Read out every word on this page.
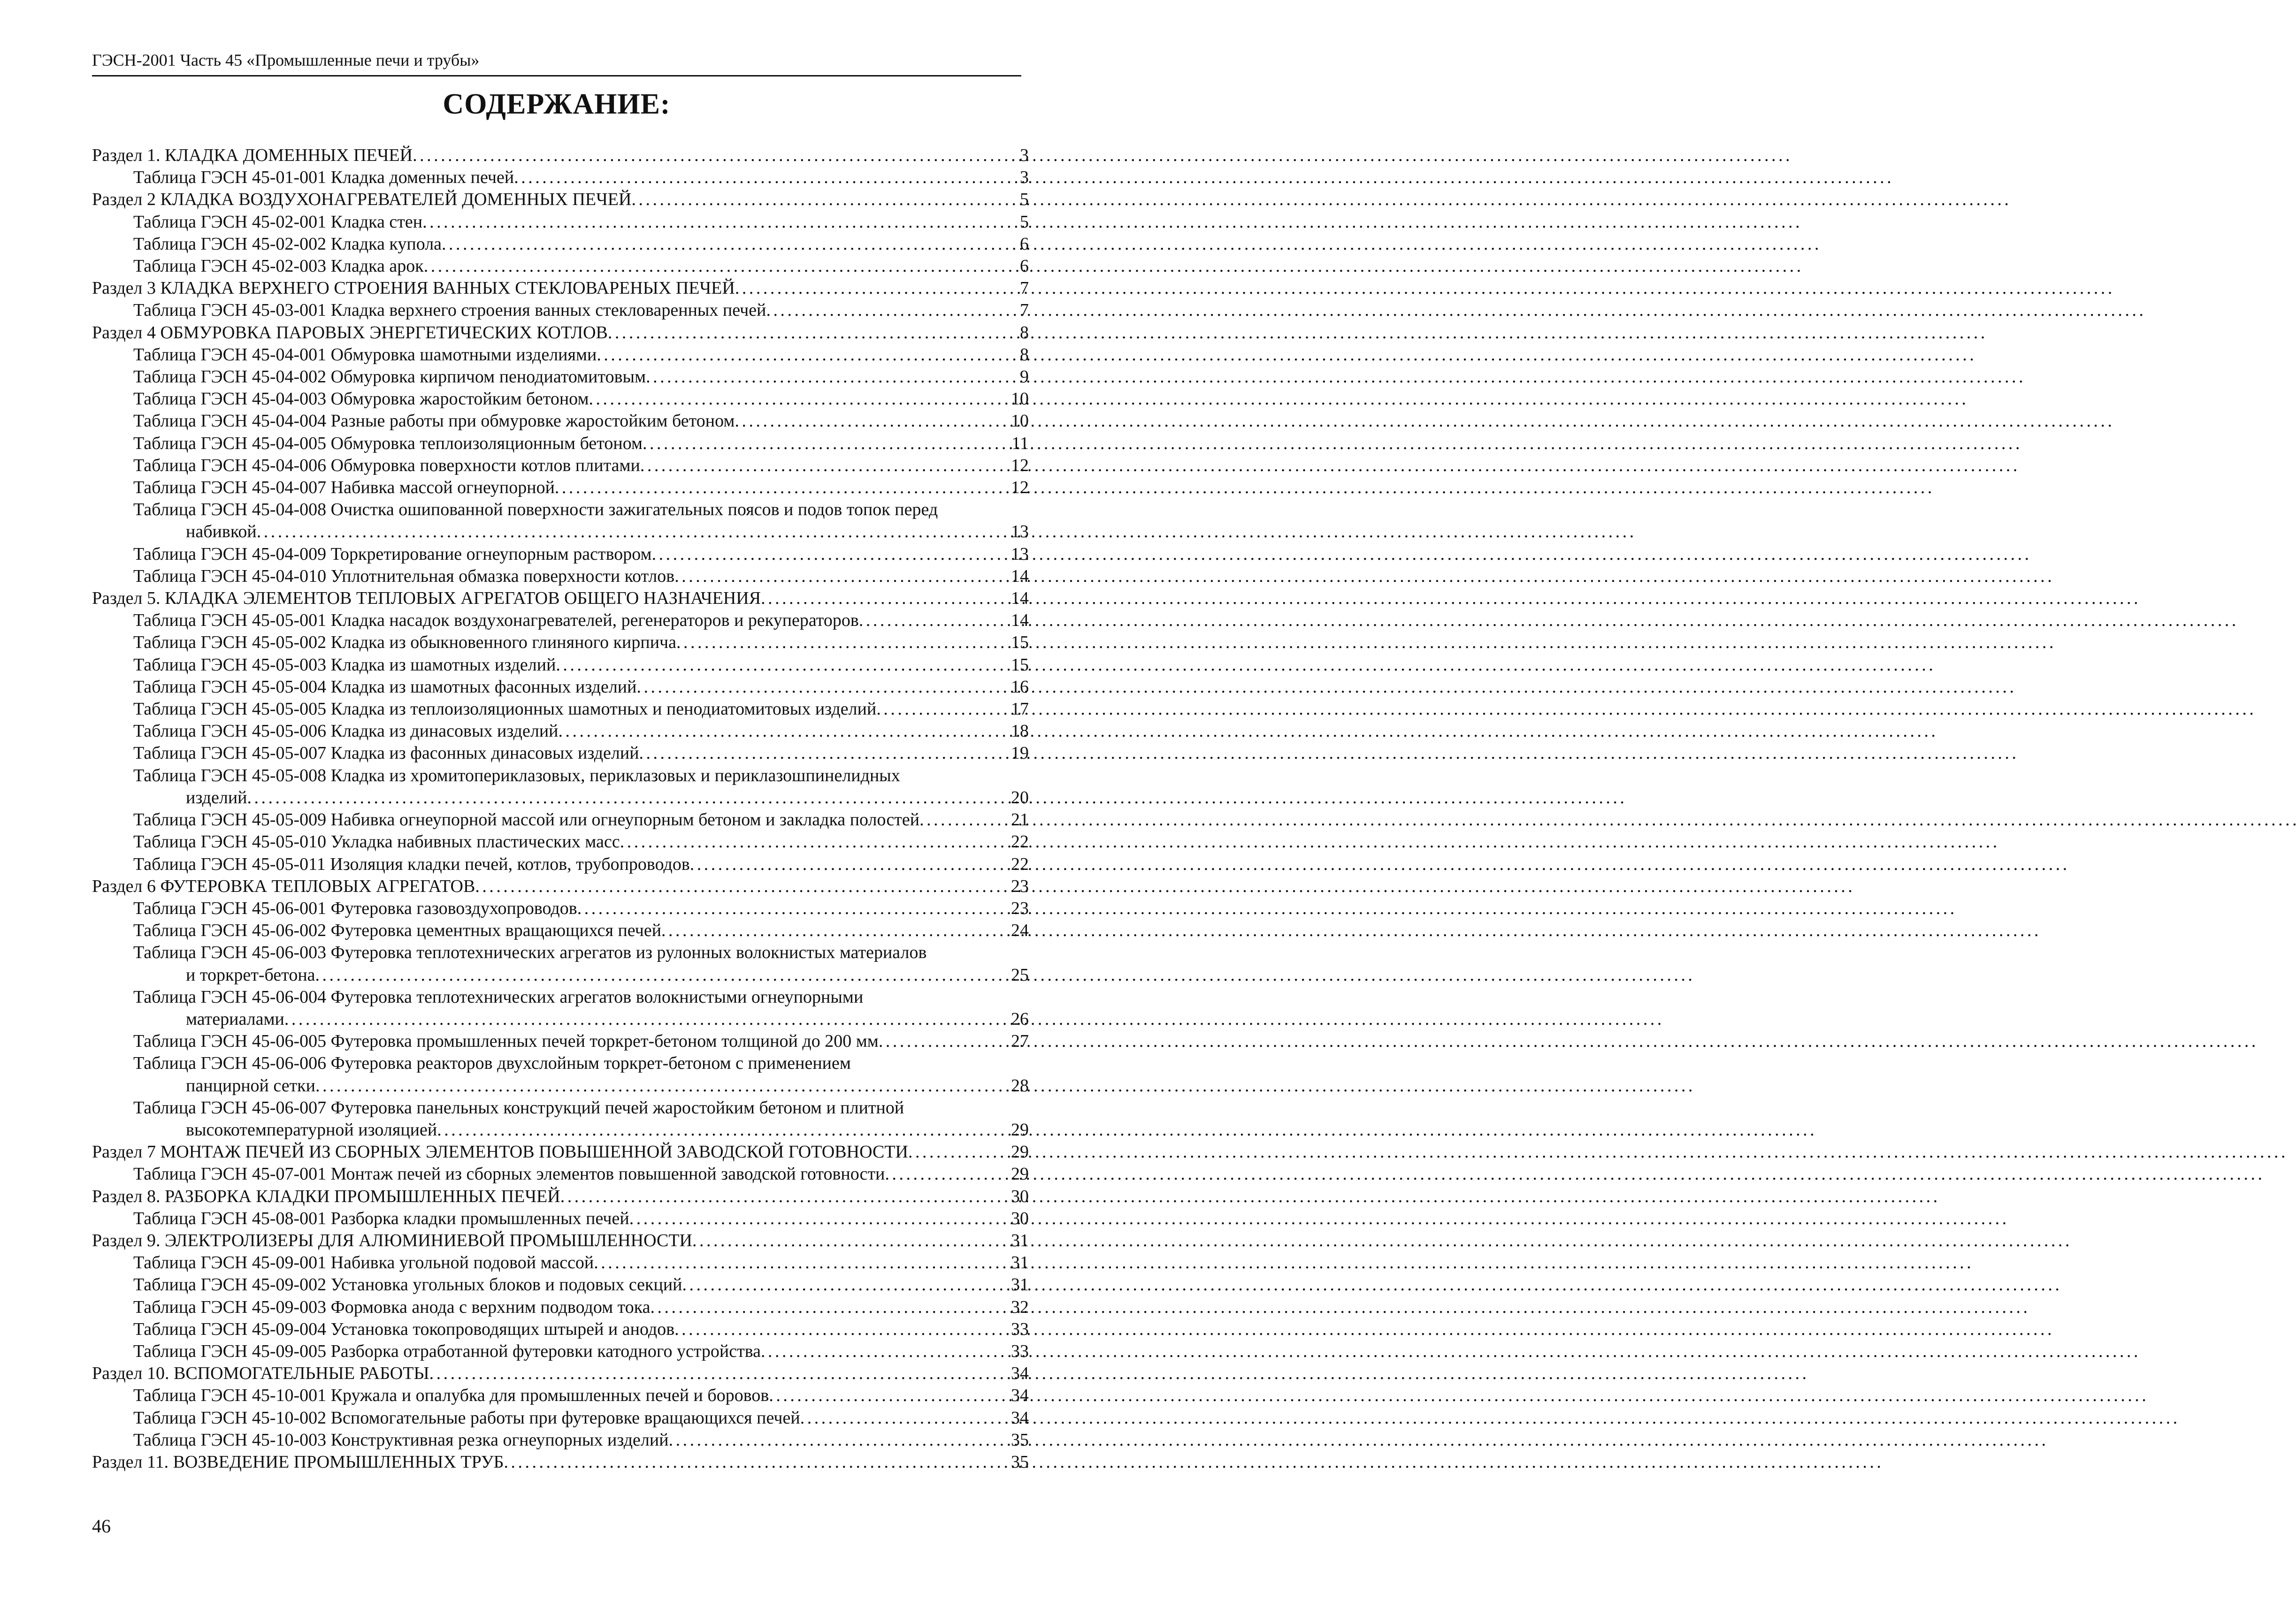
ГЭСН-2001 Часть 45 «Промышленные печи и трубы»
СОДЕРЖАНИЕ:
Раздел 1. КЛАДКА ДОМЕННЫХ ПЕЧЕЙ . . .	3
Таблица ГЭСН 45-01-001 Кладка доменных печей . . .	3
Раздел 2 КЛАДКА ВОЗДУХОНАГРЕВАТЕЛЕЙ ДОМЕННЫХ ПЕЧЕЙ . . .	5
Таблица ГЭСН 45-02-001 Кладка стен . . .	5
Таблица ГЭСН 45-02-002 Кладка купола . . .	6
Таблица ГЭСН 45-02-003 Кладка арок . . .	6
Раздел 3 КЛАДКА ВЕРХНЕГО СТРОЕНИЯ ВАННЫХ СТЕКЛОВАРЕНЫХ ПЕЧЕЙ . . .	7
Таблица ГЭСН 45-03-001 Кладка верхнего строения ванных стекловаренных печей . . .	7
Раздел 4 ОБМУРОВКА ПАРОВЫХ ЭНЕРГЕТИЧЕСКИХ КОТЛОВ . . .	8
Таблица ГЭСН 45-04-001 Обмуровка шамотными изделиями . . .	8
Таблица ГЭСН 45-04-002 Обмуровка кирпичом пенодиатомитовым . . .	9
Таблица ГЭСН 45-04-003 Обмуровка жаростойким бетоном . . .	10
Таблица ГЭСН 45-04-004 Разные работы при обмуровке жаростойким бетоном . . .	10
Таблица ГЭСН 45-04-005 Обмуровка теплоизоляционным бетоном . . .	11
Таблица ГЭСН 45-04-006 Обмуровка поверхности котлов плитами . . .	12
Таблица ГЭСН 45-04-007 Набивка массой огнеупорной . . .	12
Таблица ГЭСН 45-04-008 Очистка ошипованной поверхности зажигательных поясов и подов топок перед
набивкой . . .	13
Таблица ГЭСН 45-04-009 Торкретирование огнеупорным раствором . . .	13
Таблица ГЭСН 45-04-010 Уплотнительная обмазка поверхности котлов . . .	14
Раздел 5. КЛАДКА ЭЛЕМЕНТОВ ТЕПЛОВЫХ АГРЕГАТОВ ОБЩЕГО НАЗНАЧЕНИЯ . . .	14
Таблица ГЭСН 45-05-001 Кладка насадок воздухонагревателей, регенераторов и рекуператоров . . .	14
Таблица ГЭСН 45-05-002 Кладка из обыкновенного глиняного кирпича . . .	15
Таблица ГЭСН 45-05-003 Кладка из шамотных изделий . . .	15
Таблица ГЭСН 45-05-004 Кладка из шамотных фасонных изделий . . .	16
Таблица ГЭСН 45-05-005 Кладка из теплоизоляционных шамотных и пенодиатомитовых изделий . . .	17
Таблица ГЭСН 45-05-006 Кладка из динасовых изделий . . .	18
Таблица ГЭСН 45-05-007 Кладка из фасонных динасовых изделий . . .	19
Таблица ГЭСН 45-05-008 Кладка из хромитопериклазовых, периклазовых и периклазошпинелидных
изделий . . .	20
Таблица ГЭСН 45-05-009 Набивка огнеупорной массой или огнеупорным бетоном и закладка полостей . . .	21
Таблица ГЭСН 45-05-010 Укладка набивных пластических масс . . .	22
Таблица ГЭСН 45-05-011 Изоляция кладки печей, котлов, трубопроводов . . .	22
Раздел 6 ФУТЕРОВКА ТЕПЛОВЫХ АГРЕГАТОВ . . .	23
Таблица ГЭСН 45-06-001 Футеровка газовоздухопроводов . . .	23
Таблица ГЭСН 45-06-002 Футеровка цементных вращающихся печей . . .	24
Таблица ГЭСН 45-06-003 Футеровка теплотехнических агрегатов из рулонных волокнистых материалов
и торкрет-бетона . . .	25
Таблица ГЭСН 45-06-004 Футеровка теплотехнических агрегатов волокнистыми огнеупорными
материалами . . .	26
Таблица ГЭСН 45-06-005 Футеровка промышленных печей торкрет-бетоном толщиной до 200 мм . . .	27
Таблица ГЭСН 45-06-006 Футеровка реакторов двухслойным торкрет-бетоном с применением
панцирной сетки . . .	28
Таблица ГЭСН 45-06-007 Футеровка панельных конструкций печей жаростойким бетоном и плитной
высокотемпературной изоляцией . . .	29
Раздел 7 МОНТАЖ ПЕЧЕЙ ИЗ СБОРНЫХ ЭЛЕМЕНТОВ ПОВЫШЕННОЙ ЗАВОДСКОЙ ГОТОВНОСТИ . . .	29
Таблица ГЭСН 45-07-001 Монтаж печей из сборных элементов повышенной заводской готовности . . .	29
Раздел 8. РАЗБОРКА КЛАДКИ ПРОМЫШЛЕННЫХ ПЕЧЕЙ . . .	30
Таблица ГЭСН 45-08-001 Разборка кладки промышленных печей . . .	30
Раздел 9. ЭЛЕКТРОЛИЗЕРЫ ДЛЯ АЛЮМИНИЕВОЙ ПРОМЫШЛЕННОСТИ . . .	31
Таблица ГЭСН 45-09-001 Набивка угольной подовой массой . . .	31
Таблица ГЭСН 45-09-002 Установка угольных блоков и подовых секций . . .	31
Таблица ГЭСН 45-09-003 Формовка анода с верхним подводом тока . . .	32
Таблица ГЭСН 45-09-004 Установка токопроводящих штырей и анодов . . .	33
Таблица ГЭСН 45-09-005 Разборка отработанной футеровки катодного устройства . . .	33
Раздел 10. ВСПОМОГАТЕЛЬНЫЕ РАБОТЫ . . .	34
Таблица ГЭСН 45-10-001 Кружала и опалубка для промышленных печей и боровов . . .	34
Таблица ГЭСН 45-10-002 Вспомогательные работы при футеровке вращающихся печей . . .	34
Таблица ГЭСН 45-10-003 Конструктивная резка огнеупорных изделий . . .	35
Раздел 11. ВОЗВЕДЕНИЕ ПРОМЫШЛЕННЫХ ТРУБ . . .	35
46
